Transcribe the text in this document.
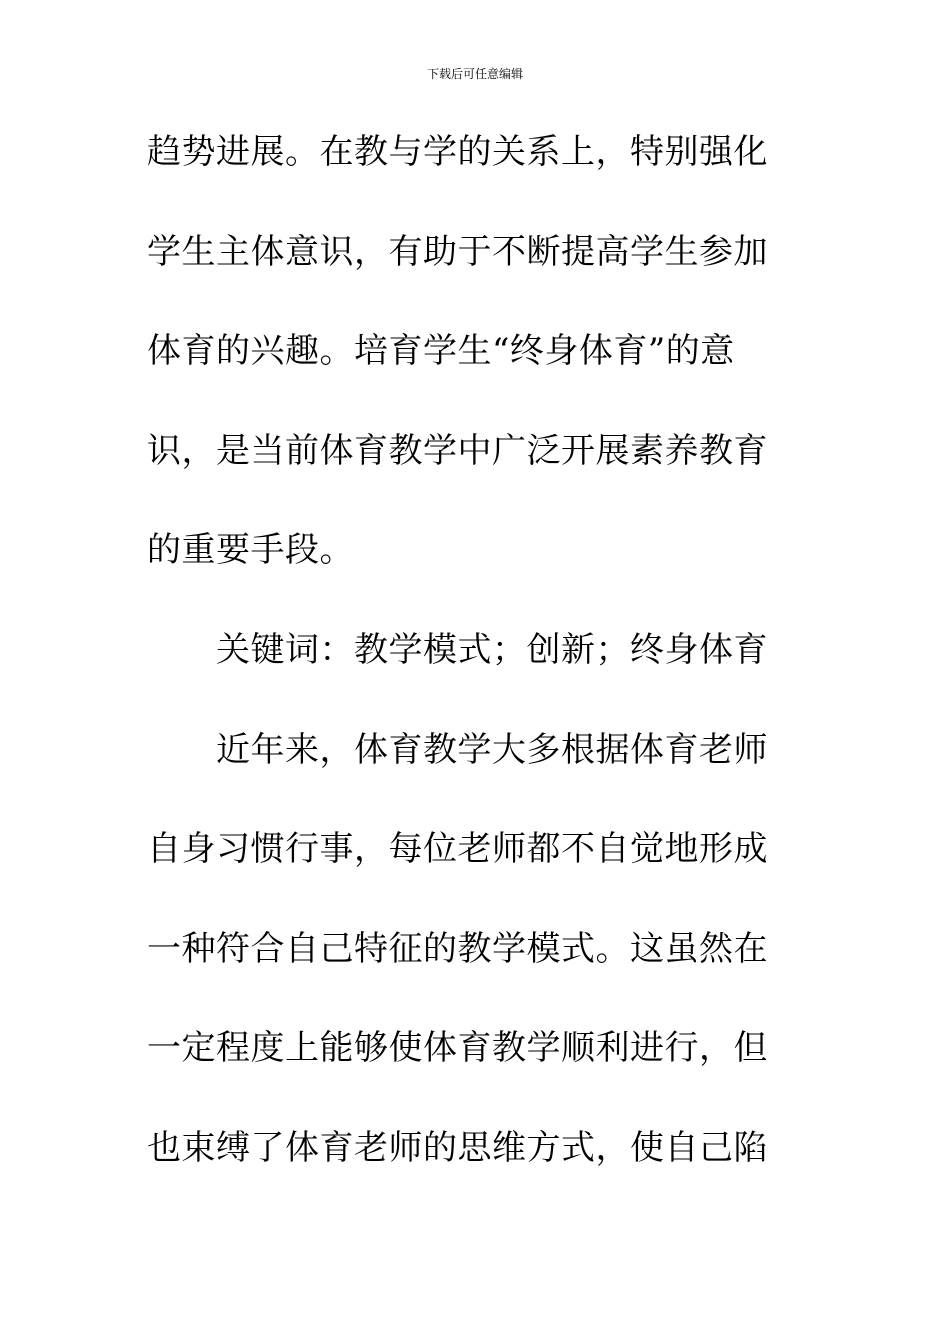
下载后可任意编辑
趋势进展。在教与学的关系上，特别强化
学生主体意识，有助于不断提高学生参加
体育的兴趣。培育学生“终身体育”的意
识，是当前体育教学中广泛开展素养教育
的重要手段。
关键词：教学模式；创新；终身体育
近年来，体育教学大多根据体育老师
自身习惯行事，每位老师都不自觉地形成
一种符合自己特征的教学模式。这虽然在
一定程度上能够使体育教学顺利进行，但
也束缚了体育老师的思维方式，使自己陷
